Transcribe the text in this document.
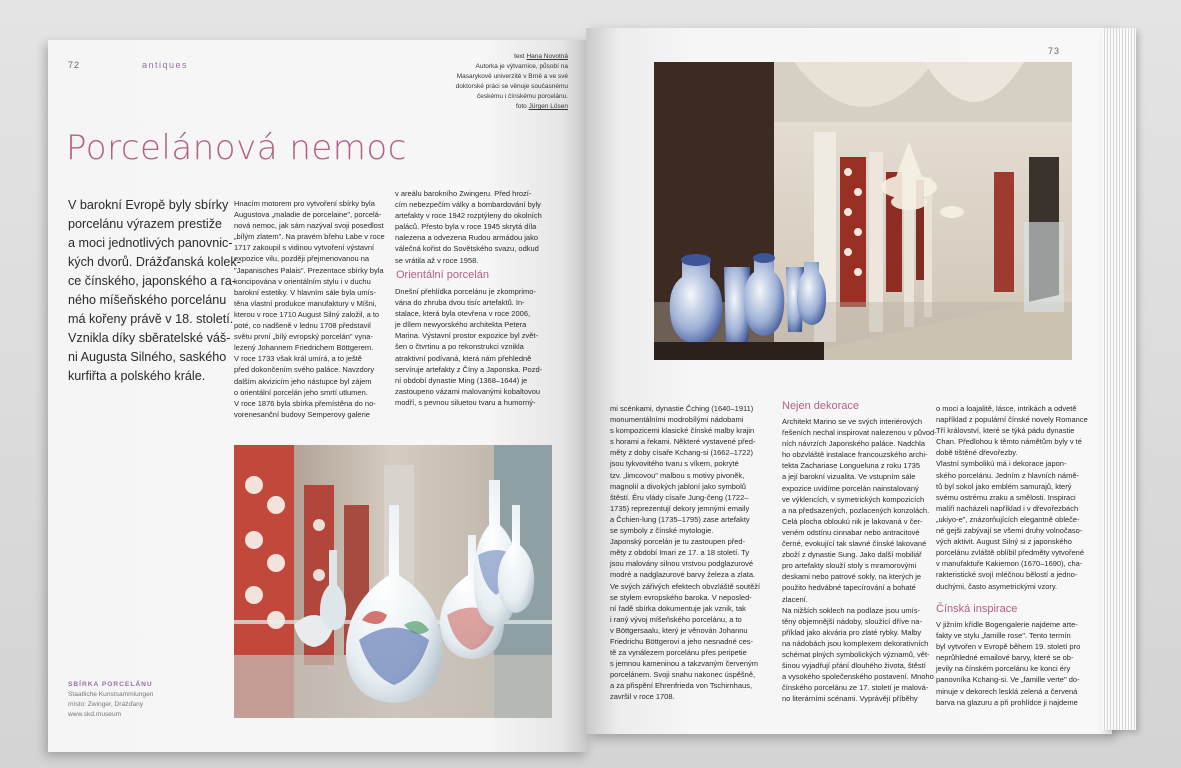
72	antiques
text Hana Novotná
Autorka je výtvarnice, působí na
Masarykově univerzitě v Brně a ve své
doktorské práci se věnuje současnému
českému i čínskému porcelánu.
foto Jürgen Lösen
Porcelánová nemoc
V barokní Evropě byly sbírky
porcelánu výrazem prestiže
a moci jednotlivých panovnic-
kých dvorů. Drážďanská kolek-
ce čínského, japonského a ra-
ného míšeňského porcelánu
má kořeny právě v 18. století.
Vznikla díky sběratelské váš-
ni Augusta Silného, saského
kurfiřta a polského krále.
Hnacím motorem pro vytvoření sbírky byla
Augustova „maladie de porcelaine", porcelá-
nová nemoc, jak sám nazýval svoji posedlost
„bílým zlatem". Na pravém břehu Labe v roce
1717 zakoupil s vidinou vytvoření výstavní
expozice vilu, později přejmenovanou na
"Japanisches Palais". Prezentace sbírky byla
koncipována v orientálním stylu i v duchu
barokní estetiky. V hlavním sále byla umís-
těna vlastní produkce manufaktury v Míšni,
kterou v roce 1710 August Silný založil, a to
poté, co nadšeně v lednu 1708 představil
světu první „bílý evropský porcelán" vyna-
lezený Johannem Friedrichem Böttgerem.
V roce 1733 však král umírá, a to ještě
před dokončením svého paláce. Navzdory
dalším akvizicím jeho nástupce byl zájem
o orientální porcelán jeho smrtí utlumen.
V roce 1876 byla sbírka přemístěna do no-
vorenesanční budovy Semperovy galerie
v areálu barokního Zwingeru. Před hrozí-
cím nebezpečím války a bombardování byly
artefakty v roce 1942 rozptýleny do okolních
paláců. Přesto byla v roce 1945 skrytá díla
nalezena a odvezena Rudou armádou jako
válečná kořist do Sovětského svazu, odkud
se vrátila až v roce 1958.
Orientální porcelán
Dnešní přehlídka porcelánu je zkomprimo-
vána do zhruba dvou tisíc artefaktů. In-
stalace, která byla otevřena v roce 2006,
je dílem newyorského architekta Petera
Marina. Výstavní prostor expozice byl zvět-
šen o čtvrtinu a po rekonstrukci vznikla
atraktivní podívaná, která nám přehledně
servíruje artefakty z Číny a Japonska. Pozd-
ní období dynastie Ming (1368–1644) je
zastoupeno vázami malovanými kobaltovou
modří, s pevnou siluetou tvaru a humorný-
SBÍRKA PORCELÁNU
Staatliche Kunstsammlungen
místo: Zwinger, Drážďany
www.skd.museum
73
mi scénkami, dynastie Čching (1640–1911)
monumentálními modrobílými nádobami
s kompozicemi klasické čínské malby krajin
s horami a řekami. Některé vystavené před-
měty z doby císaře Kchang-si (1662–1722)
jsou tykvovitého tvaru s víkem, pokryté
tzv. „limcovou" malbou s motivy pivoněk,
magnolií a divokých jabloní jako symbolů
štěstí. Éru vlády císaře Jung-čeng (1722–
1735) reprezentují dekory jemnými emaily
a Čchien-lung (1735–1795) zase artefakty
se symboly z čínské mytologie.
Japonský porcelán je tu zastoupen před-
měty z období Imari ze 17. a 18 století. Ty
jsou malovány silnou vrstvou podglazurové
modré a nadglazurové barvy železa a zlata.
Ve svých zářivých efektech obvzláště soutěží
se stylem evropského baroka. V neposled-
ní řadě sbírka dokumentuje jak vznik, tak
i raný vývoj míšeňského porcelánu, a to
v Böttgersaalu, který je věnován Johannu
Friedrichu Böttgerovi a jeho nesnadné ces-
tě za vynálezem porcelánu přes peripetie
s jemnou kameninou a takzvaným červeným
porcelánem. Svoji snahu nakonec úspěšně,
a za přispění Ehrenfrieda von Tschirnhaus,
završil v roce 1708.
Nejen dekorace
Architekt Marino se ve svých interiérových
řešeních nechal inspirovat nalezenou v původ-
ních návrzích Japonského paláce. Nadchla
ho obzvláště instalace francouzského archi-
tekta Zachariase Longueluna z roku 1735
a její barokní vizualita. Ve vstupním sále
expozice uvidíme porcelán nainstalovaný
ve výklencích, v symetrických kompozicích
a na předsazených, pozlacených konzolách.
Celá plocha obloukú nik je lakovaná v čer-
veném odstínu cinnabar nebo antracitové
černé, evokující tak slavné čínské lakované
zboží z dynastie Sung. Jako další mobiliář
pro artefakty slouží stoly s mramorovými
deskami nebo patrové sokly, na kterých je
použito hedvábné tapecírování a bohaté
zlacení.
Na nižších soklech na podlaze jsou umís-
těny objemnější nádoby, sloužící dříve na-
příklad jako akvária pro zlaté rybky. Malby
na nádobách jsou komplexem dekorativních
schémat plných symbolických významů, vět-
šinou vyjadřují přání dlouhého života, štěstí
a vysokého společenského postavení. Mnoho
čínského porcelánu ze 17. století je malová-
no literárními scénami. Vyprávějí příběhy
o moci a loajalitě, lásce, intrikách a odvetě
například z populární čínské novely Romance
Tří království, které se týká pádu dynastie
Chan. Předlohou k těmto námětům byly v té
době tištěné dřevořezby.
Vlastní symbolikú má i dekorace japon-
ského porcelánu. Jedním z hlavních námě-
tů byl sokol jako emblém samurajů, který
svému ostrému zraku a smělosti. Inspiraci
malíři nacházeli například i v dřevořezbách
„ukiyo-e", znázorňujících elegantně obleče-
né gejši zabývají se všemi druhy volnočaso-
vých aktivit. August Silný si z japonského
porcelánu zvláště oblíbil předměty vytvořené
v manufaktuře Kakiemon (1670–1690), cha-
rakteristické svojí mléčnou bělostí a jedno-
duchými, často asymetrickými vzory.
Čínská inspirace
V jižním křídle Bogengalerie najdeme arte-
fakty ve stylu „famille rose". Tento termín
byl vytvořen v Evropě během 19. století pro
neprůhledné emailové barvy, které se ob-
jevily na čínském porcelánu ke konci éry
panovníka Kchang-si. Ve „famille verte" do-
minuje v dekorech lesklá zelená a červená
barva na glazuru a při prohlídce ji najdeme
